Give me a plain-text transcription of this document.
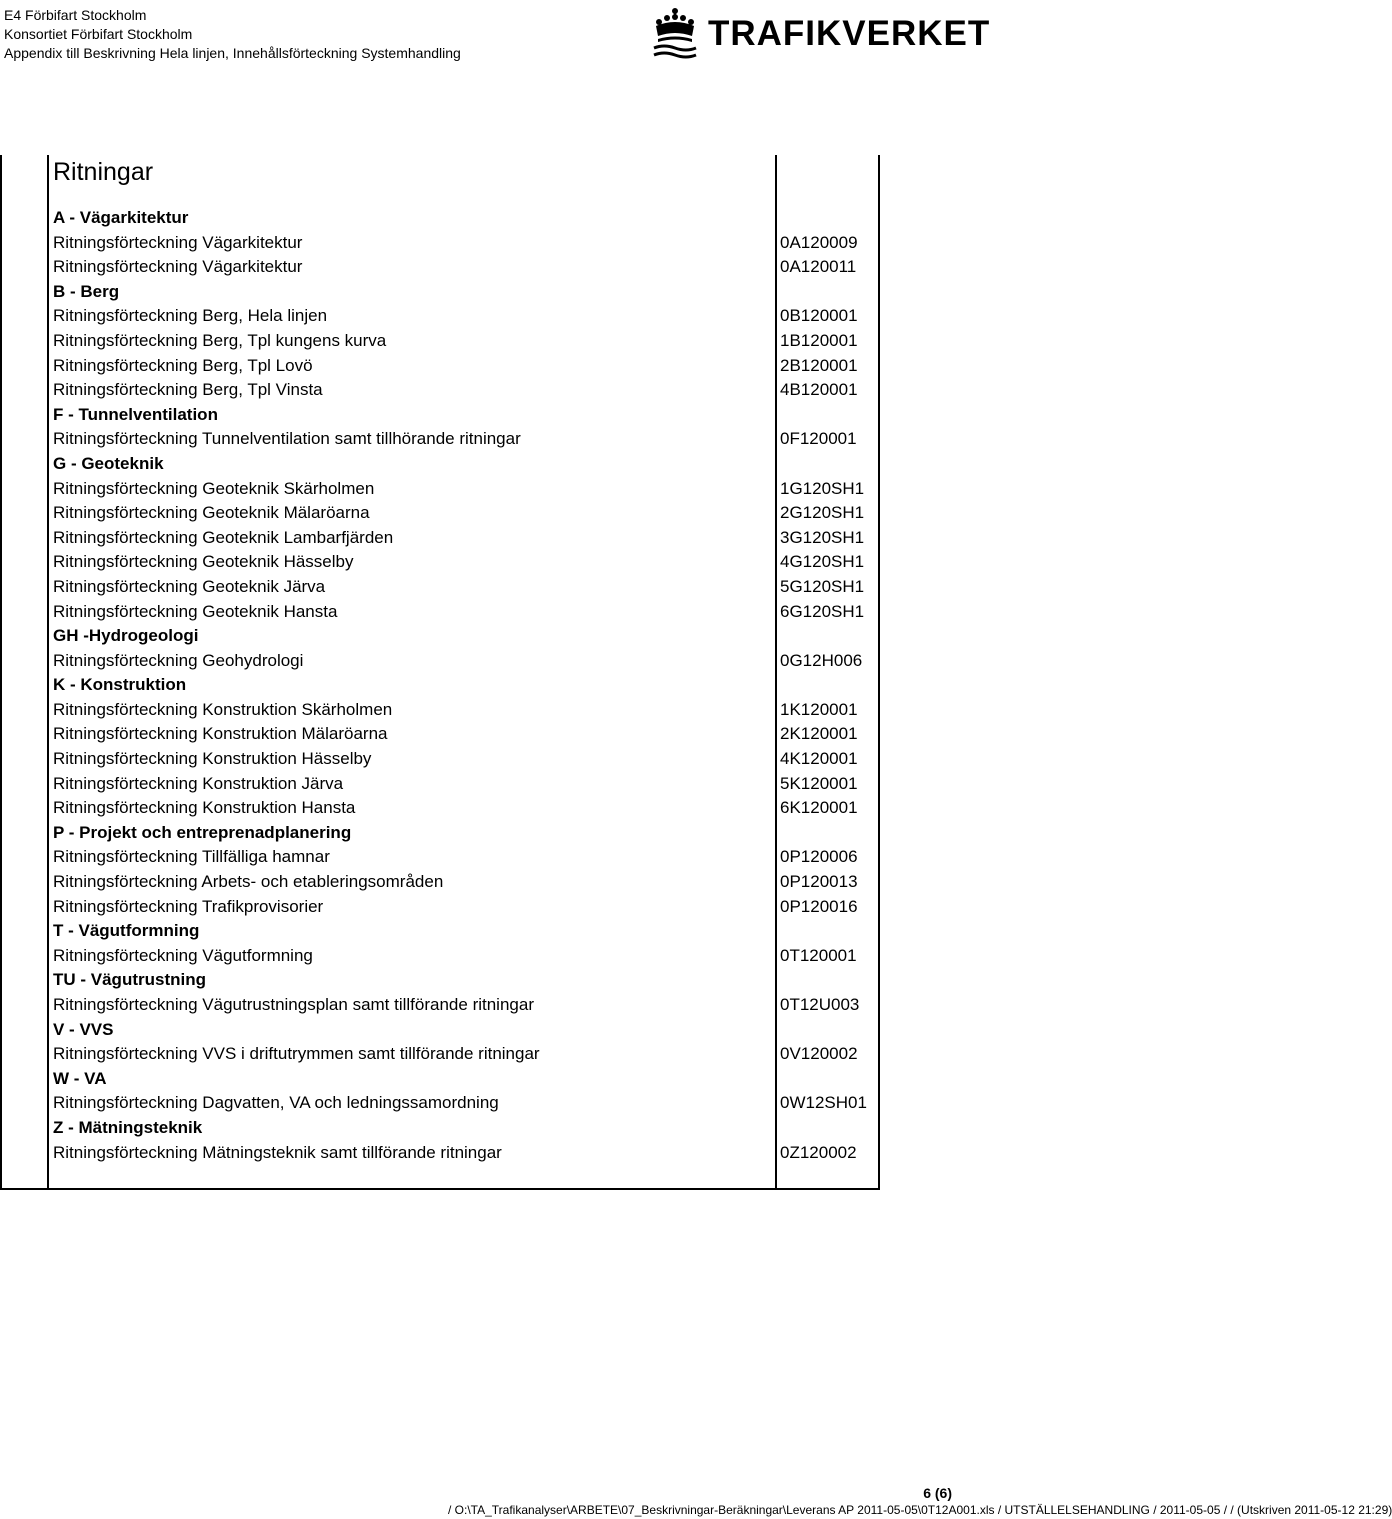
E4 Förbifart Stockholm
Konsortiet Förbifart Stockholm
Appendix till Beskrivning Hela linjen, Innehållsförteckning Systemhandling	TRAFIKVERKET
Ritningar
A - Vägarkitektur
Ritningsförteckning Vägarkitektur	0A120009
Ritningsförteckning Vägarkitektur	0A120011
B - Berg
Ritningsförteckning Berg, Hela linjen	0B120001
Ritningsförteckning Berg, Tpl kungens kurva	1B120001
Ritningsförteckning Berg, Tpl Lovö	2B120001
Ritningsförteckning Berg, Tpl Vinsta	4B120001
F - Tunnelventilation
Ritningsförteckning Tunnelventilation samt tillhörande ritningar	0F120001
G - Geoteknik
Ritningsförteckning Geoteknik Skärholmen	1G120SH1
Ritningsförteckning Geoteknik Mälaröarna	2G120SH1
Ritningsförteckning Geoteknik Lambarfjärden	3G120SH1
Ritningsförteckning Geoteknik Hässelby	4G120SH1
Ritningsförteckning Geoteknik Järva	5G120SH1
Ritningsförteckning Geoteknik Hansta	6G120SH1
GH -Hydrogeologi
Ritningsförteckning Geohydrologi	0G12H006
K - Konstruktion
Ritningsförteckning Konstruktion Skärholmen	1K120001
Ritningsförteckning Konstruktion Mälaröarna	2K120001
Ritningsförteckning Konstruktion Hässelby	4K120001
Ritningsförteckning Konstruktion Järva	5K120001
Ritningsförteckning Konstruktion Hansta	6K120001
P - Projekt och entreprenadplanering
Ritningsförteckning Tillfälliga hamnar	0P120006
Ritningsförteckning Arbets- och etableringsområden	0P120013
Ritningsförteckning Trafikprovisorier	0P120016
T - Vägutformning
Ritningsförteckning Vägutformning	0T120001
TU - Vägutrustning
Ritningsförteckning Vägutrustningsplan samt tillförande ritningar	0T12U003
V - VVS
Ritningsförteckning VVS i driftutrymmen samt tillförande ritningar	0V120002
W - VA
Ritningsförteckning Dagvatten, VA och ledningssamordning	0W12SH01
Z - Mätningsteknik
Ritningsförteckning Mätningsteknik samt tillförande ritningar	0Z120002
6 (6)
/ O:\TA_Trafikanalyser\ARBETE\07_Beskrivningar-Beräkningar\Leverans AP 2011-05-05\0T12A001.xls / UTSTÄLLELSEHANDLING / 2011-05-05 / / (Utskriven 2011-05-12 21:29)
